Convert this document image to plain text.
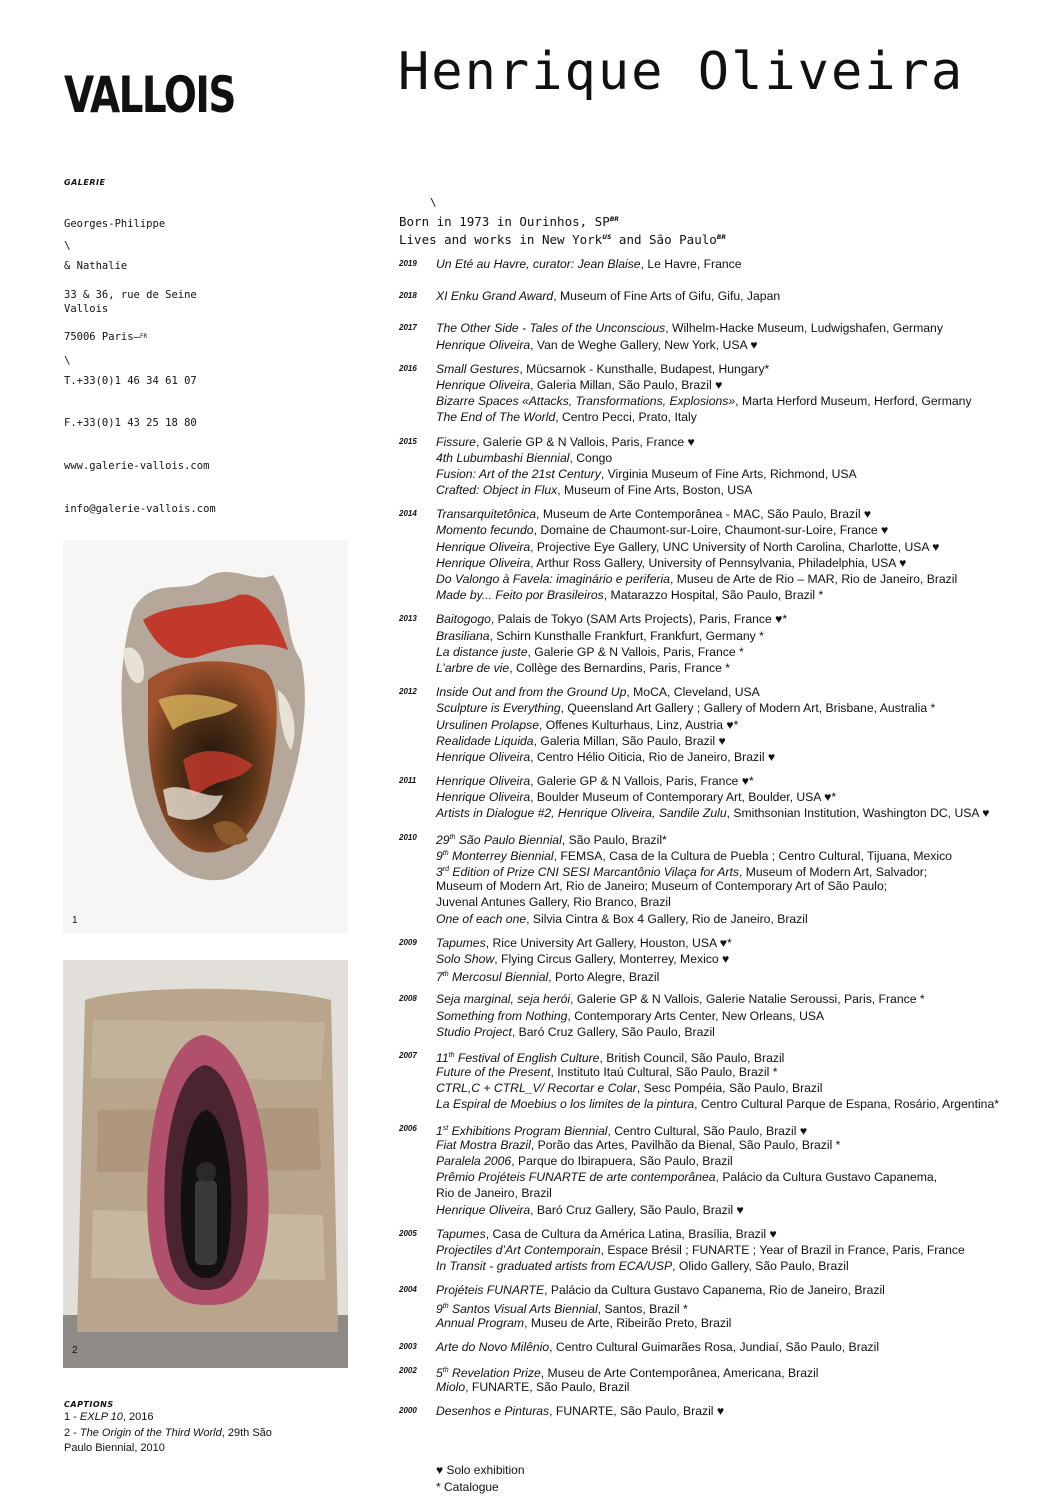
VALLOIS	Henrique Oliveira
GALERIE

Georges-Philippe

& Nathalie

Vallois

\

33 & 36, rue de Seine

75006 Paris—FR

T.+33(0)1 46 34 61 07

F.+33(0)1 43 25 18 80

www.galerie-vallois.com

info@galerie-vallois.com

\
\
Born in 1973 in Ourinhos, $SP^{BR}$
Lives and works in New York$^{US}$ and São Paulo$^{BR}$
2019	Un Eté au Havre, curator: Jean Blaise, Le Havre, France
2018	XI Enku Grand Award, Museum of Fine Arts of Gifu, Gifu, Japan
2017	The Other Side - Tales of the Unconscious, Wilhelm-Hacke Museum, Ludwigshafen, Germany
Henrique Oliveira, Van de Weghe Gallery, New York, USA ♥
2016	Small Gestures, Mücsarnok - Kunsthalle, Budapest, Hungary*
Henrique Oliveira, Galeria Millan, São Paulo, Brazil ♥
Bizarre Spaces «Attacks, Transformations, Explosions», Marta Herford Museum, Herford, Germany
The End of The World, Centro Pecci, Prato, Italy
2015	Fissure, Galerie GP & N Vallois, Paris, France ♥
4th Lubumbashi Biennial, Congo
Fusion: Art of the 21st Century, Virginia Museum of Fine Arts, Richmond, USA
Crafted: Object in Flux, Museum of Fine Arts, Boston, USA
2014	Transarquitetônica, Museum de Arte Contemporânea - MAC, São Paulo, Brazil ♥
Momento fecundo, Domaine de Chaumont-sur-Loire, Chaumont-sur-Loire, France ♥
Henrique Oliveira, Projective Eye Gallery, UNC University of North Carolina, Charlotte, USA ♥
Henrique Oliveira, Arthur Ross Gallery, University of Pennsylvania, Philadelphia, USA ♥
Do Valongo à Favela: imaginário e periferia, Museu de Arte de Rio – MAR, Rio de Janeiro, Brazil
Made by... Feito por Brasileiros, Matarazzo Hospital, São Paulo, Brazil *
2013	Baitogogo, Palais de Tokyo (SAM Arts Projects), Paris, France ♥*
Brasiliana, Schirn Kunsthalle Frankfurt, Frankfurt, Germany *
La distance juste, Galerie GP & N Vallois, Paris, France *
L’arbre de vie, Collège des Bernardins, Paris, France *
2012	Inside Out and from the Ground Up, MoCA, Cleveland, USA
Sculpture is Everything, Queensland Art Gallery ; Gallery of Modern Art, Brisbane, Australia *
Ursulinen Prolapse, Offenes Kulturhaus, Linz, Austria ♥*
Realidade Liquida, Galeria Millan, São Paulo, Brazil ♥
Henrique Oliveira, Centro Hélio Oiticia, Rio de Janeiro, Brazil ♥
2011	Henrique Oliveira, Galerie GP & N Vallois, Paris, France ♥*
Henrique Oliveira, Boulder Museum of Contemporary Art, Boulder, USA ♥*
Artists in Dialogue #2, Henrique Oliveira, Sandile Zulu, Smithsonian Institution, Washington DC, USA ♥
2010	29th São Paulo Biennial, São Paulo, Brazil*
9th Monterrey Biennial, FEMSA, Casa de la Cultura de Puebla ; Centro Cultural, Tijuana, Mexico
3rd Edition of Prize CNI SESI Marcantônio Vilaça for Arts, Museum of Modern Art, Salvador;
Museum of Modern Art, Rio de Janeiro; Museum of Contemporary Art of São Paulo;
Juvenal Antunes Gallery, Rio Branco, Brazil
One of each one, Silvia Cintra & Box 4 Gallery, Rio de Janeiro, Brazil
2009	Tapumes, Rice University Art Gallery, Houston, USA ♥*
Solo Show, Flying Circus Gallery, Monterrey, Mexico ♥
7th Mercosul Biennial, Porto Alegre, Brazil
2008	Seja marginal, seja herói, Galerie GP & N Vallois, Galerie Natalie Seroussi, Paris, France *
Something from Nothing, Contemporary Arts Center, New Orleans, USA
Studio Project, Baró Cruz Gallery, São Paulo, Brazil
2007	11th Festival of English Culture, British Council, São Paulo, Brazil
Future of the Present, Instituto Itaú Cultural, São Paulo, Brazil *
CTRL,C + CTRL_V/ Recortar e Colar, Sesc Pompéia, São Paulo, Brazil
La Espiral de Moebius o los limites de la pintura, Centro Cultural Parque de Espana, Rosário, Argentina*
2006	1st Exhibitions Program Biennial, Centro Cultural, São Paulo, Brazil ♥
Fiat Mostra Brazil, Porão das Artes, Pavilhão da Bienal, São Paulo, Brazil *
Paralela 2006, Parque do Ibirapuera, São Paulo, Brazil
Prêmio Projéteis FUNARTE de arte contemporânea, Palácio da Cultura Gustavo Capanema,
Rio de Janeiro, Brazil
Henrique Oliveira, Baró Cruz Gallery, São Paulo, Brazil ♥
2005	Tapumes, Casa de Cultura da América Latina, Brasília, Brazil ♥
Projectiles d’Art Contemporain, Espace Brésil ; FUNARTE ; Year of Brazil in France, Paris, France
In Transit - graduated artists from ECA/USP, Olido Gallery, São Paulo, Brazil
2004	Projéteis FUNARTE, Palácio da Cultura Gustavo Capanema, Rio de Janeiro, Brazil
9th Santos Visual Arts Biennial, Santos, Brazil *
Annual Program, Museu de Arte, Ribeirão Preto, Brazil
2003	Arte do Novo Milênio, Centro Cultural Guimarães Rosa, Jundiaí, São Paulo, Brazil
2002	5th Revelation Prize, Museu de Arte Contemporânea, Americana, Brazil
Miolo, FUNARTE, São Paulo, Brazil
2000	Desenhos e Pinturas, FUNARTE, São Paulo, Brazil ♥
1
2
CAPTIONS
1 - EXLP 10, 2016
2 - The Origin of the Third World, 29th São
Paulo Biennial, 2010
♥ Solo exhibition
* Catalogue
